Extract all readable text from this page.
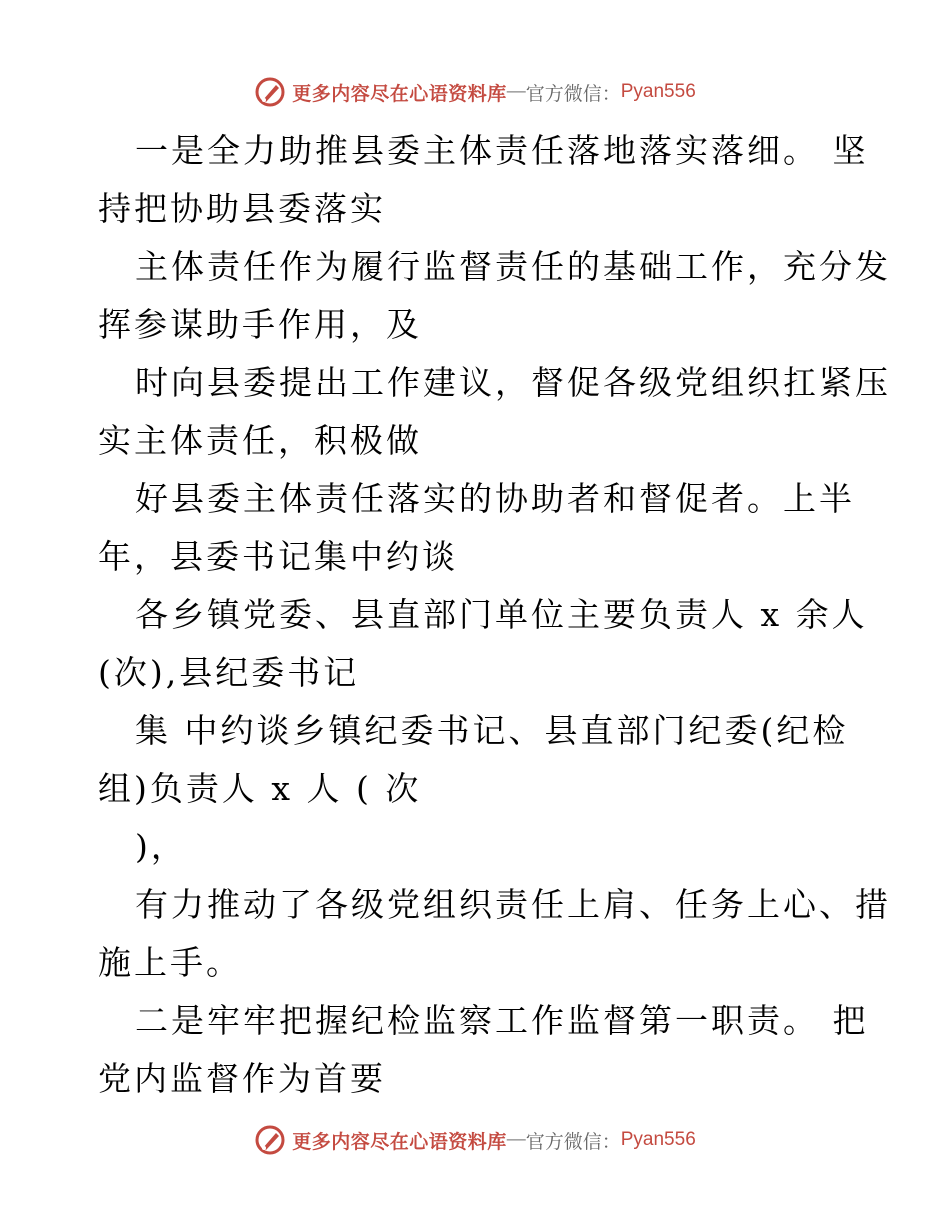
更多内容尽在心语资料库 — 官方微信： Pyan556
一是全力助推县委主体责任落地落实落细。 坚
持把协助县委落实
主体责任作为履行监督责任的基础工作，充分发
挥参谋助手作用，及
时向县委提出工作建议，督促各级党组织扛紧压
实主体责任，积极做
好县委主体责任落实的协助者和督促者。上半
年，县委书记集中约谈
各乡镇党委、县直部门单位主要负责人 x 余人
(次),县纪委书记
集 中约谈乡镇纪委书记、县直部门纪委(纪检
组)负责人 x 人 ( 次
)，
有力推动了各级党组织责任上肩、任务上心、措
施上手。
二是牢牢把握纪检监察工作监督第一职责。 把
党内监督作为首要
更多内容尽在心语资料库 — 官方微信： Pyan556
